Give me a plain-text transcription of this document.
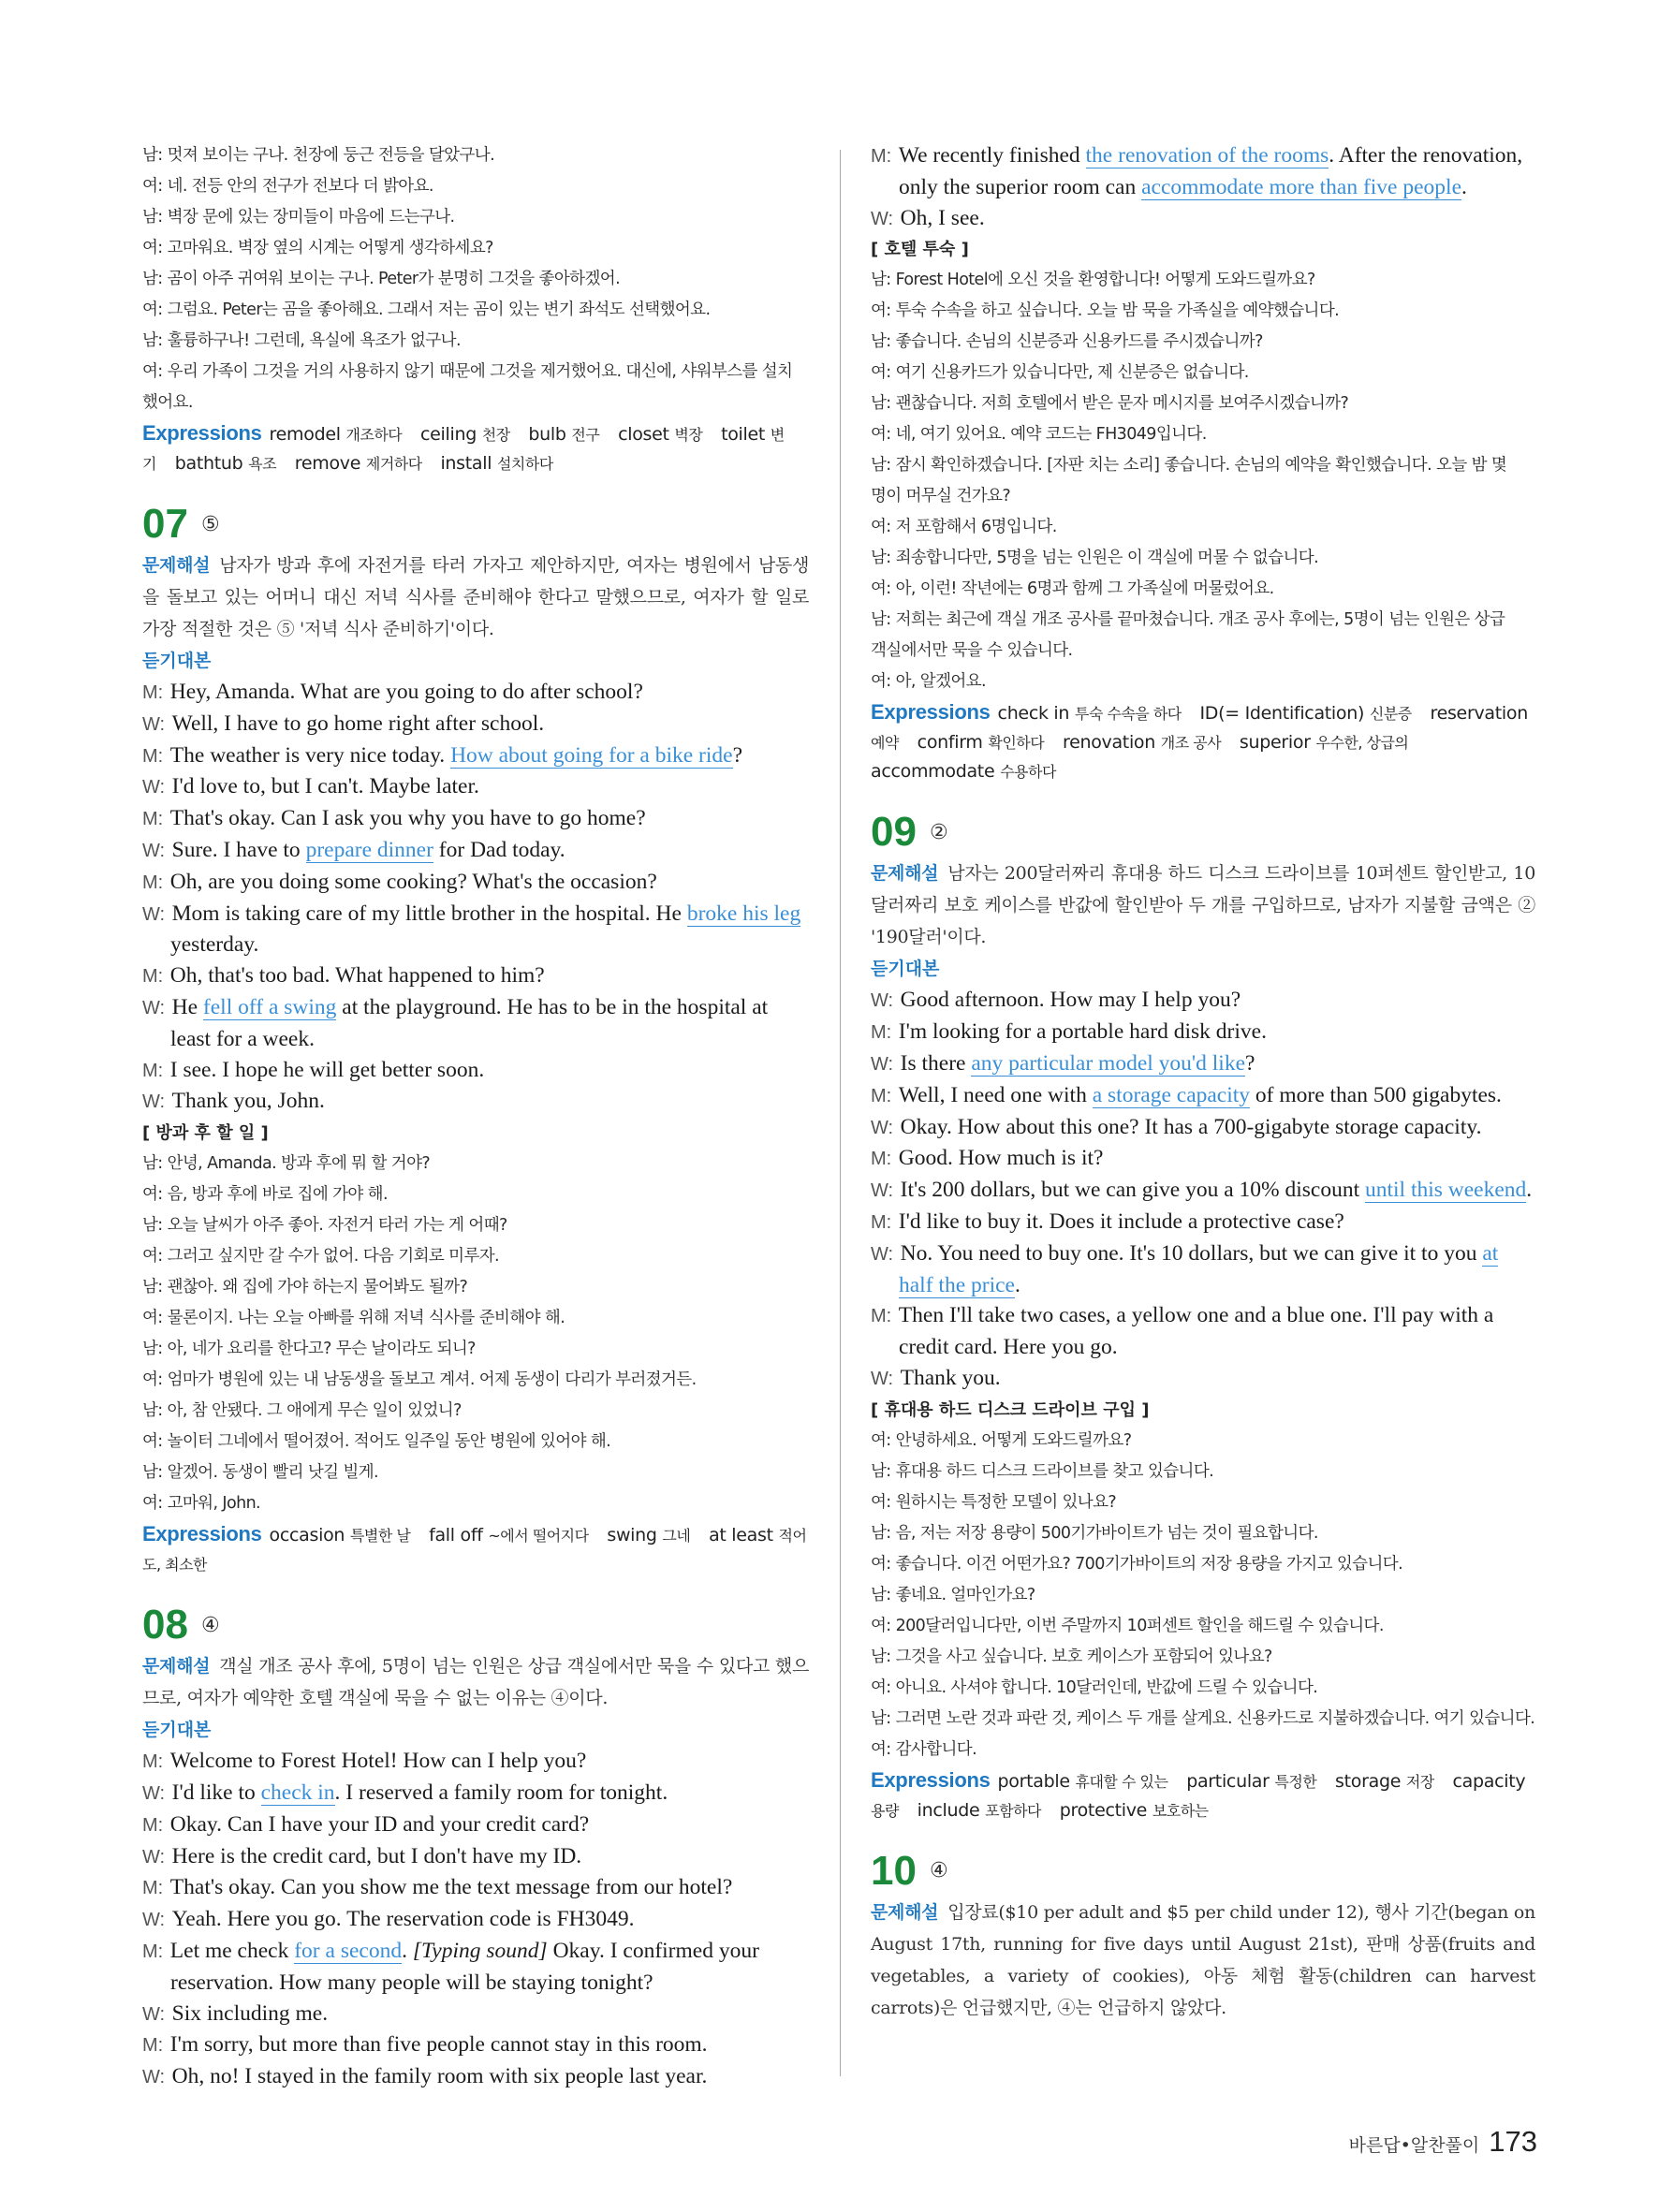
남: 멋져 보이는 구나. 천장에 둥근 전등을 달았구나.
여: 네. 전등 안의 전구가 전보다 더 밝아요.
남: 벽장 문에 있는 장미들이 마음에 드는구나.
여: 고마워요. 벽장 옆의 시계는 어떻게 생각하세요?
남: 곰이 아주 귀여워 보이는 구나. Peter가 분명히 그것을 좋아하겠어.
여: 그럼요. Peter는 곰을 좋아해요. 그래서 저는 곰이 있는 변기 좌석도 선택했어요.
남: 훌륭하구나! 그런데, 욕실에 욕조가 없구나.
여: 우리 가족이 그것을 거의 사용하지 않기 때문에 그것을 제거했어요. 대신에, 샤워부스를 설치
했어요.
Expressions remodel 개조하다 ceiling 천장 bulb 전구 closet 벽장 toilet 변기 bathtub 욕조 remove 제거하다 install 설치하다
07 ⑤
문제해설 남자가 방과 후에 자전거를 타러 가자고 제안하지만, 여자는 병원에서 남동생을 돌보고 있는 어머니 대신 저녁 식사를 준비해야 한다고 말했으므로, 여자가 할 일로 가장 적절한 것은 ⑤ '저녁 식사 준비하기'이다.
듣기대본
M: Hey, Amanda. What are you going to do after school?
W: Well, I have to go home right after school.
M: The weather is very nice today. How about going for a bike ride?
W: I'd love to, but I can't. Maybe later.
M: That's okay. Can I ask you why you have to go home?
W: Sure. I have to prepare dinner for Dad today.
M: Oh, are you doing some cooking? What's the occasion?
W: Mom is taking care of my little brother in the hospital. He broke his leg yesterday.
M: Oh, that's too bad. What happened to him?
W: He fell off a swing at the playground. He has to be in the hospital at least for a week.
M: I see. I hope he will get better soon.
W: Thank you, John.
[ 방과 후 할 일 ]
남: 안녕, Amanda. 방과 후에 뭐 할 거야?
여: 음, 방과 후에 바로 집에 가야 해.
남: 오늘 날씨가 아주 좋아. 자전거 타러 가는 게 어때?
여: 그러고 싶지만 갈 수가 없어. 다음 기회로 미루자.
남: 괜찮아. 왜 집에 가야 하는지 물어봐도 될까?
여: 물론이지. 나는 오늘 아빠를 위해 저녁 식사를 준비해야 해.
남: 아, 네가 요리를 한다고? 무슨 날이라도 되니?
여: 엄마가 병원에 있는 내 남동생을 돌보고 계셔. 어제 동생이 다리가 부러졌거든.
남: 아, 참 안됐다. 그 애에게 무슨 일이 있었니?
여: 놀이터 그네에서 떨어졌어. 적어도 일주일 동안 병원에 있어야 해.
남: 알겠어. 동생이 빨리 낫길 빌게.
여: 고마워, John.
Expressions occasion 특별한 날 fall off ~에서 떨어지다 swing 그네 at least 적어도, 최소한
08 ④
문제해설 객실 개조 공사 후에, 5명이 넘는 인원은 상급 객실에서만 묵을 수 있다고 했으므로, 여자가 예약한 호텔 객실에 묵을 수 없는 이유는 ④이다.
듣기대본
M: Welcome to Forest Hotel! How can I help you?
W: I'd like to check in. I reserved a family room for tonight.
M: Okay. Can I have your ID and your credit card?
W: Here is the credit card, but I don't have my ID.
M: That's okay. Can you show me the text message from our hotel?
W: Yeah. Here you go. The reservation code is FH3049.
M: Let me check for a second. [Typing sound] Okay. I confirmed your reservation. How many people will be staying tonight?
W: Six including me.
M: I'm sorry, but more than five people cannot stay in this room.
W: Oh, no! I stayed in the family room with six people last year.
M: We recently finished the renovation of the rooms. After the renovation, only the superior room can accommodate more than five people.
W: Oh, I see.
[ 호텔 투숙 ]
남: Forest Hotel에 오신 것을 환영합니다! 어떻게 도와드릴까요?
여: 투숙 수속을 하고 싶습니다. 오늘 밤 묵을 가족실을 예약했습니다.
남: 좋습니다. 손님의 신분증과 신용카드를 주시겠습니까?
여: 여기 신용카드가 있습니다만, 제 신분증은 없습니다.
남: 괜찮습니다. 저희 호텔에서 받은 문자 메시지를 보여주시겠습니까?
여: 네, 여기 있어요. 예약 코드는 FH3049입니다.
남: 잠시 확인하겠습니다. [자판 치는 소리] 좋습니다. 손님의 예약을 확인했습니다. 오늘 밤 몇
명이 머무실 건가요?
여: 저 포함해서 6명입니다.
남: 죄송합니다만, 5명을 넘는 인원은 이 객실에 머물 수 없습니다.
여: 아, 이런! 작년에는 6명과 함께 그 가족실에 머물렀어요.
남: 저희는 최근에 객실 개조 공사를 끝마쳤습니다. 개조 공사 후에는, 5명이 넘는 인원은 상급
객실에서만 묵을 수 있습니다.
여: 아, 알겠어요.
Expressions check in 투숙 수속을 하다 ID(= Identification) 신분증 reservation 예약 confirm 확인하다 renovation 개조 공사 superior 우수한, 상급의 accommodate 수용하다
09 ②
문제해설 남자는 200달러짜리 휴대용 하드 디스크 드라이브를 10퍼센트 할인받고, 10달러짜리 보호 케이스를 반값에 할인받아 두 개를 구입하므로, 남자가 지불할 금액은 ② '190달러'이다.
듣기대본
W: Good afternoon. How may I help you?
M: I'm looking for a portable hard disk drive.
W: Is there any particular model you'd like?
M: Well, I need one with a storage capacity of more than 500 gigabytes.
W: Okay. How about this one? It has a 700-gigabyte storage capacity.
M: Good. How much is it?
W: It's 200 dollars, but we can give you a 10% discount until this weekend.
M: I'd like to buy it. Does it include a protective case?
W: No. You need to buy one. It's 10 dollars, but we can give it to you at half the price.
M: Then I'll take two cases, a yellow one and a blue one. I'll pay with a credit card. Here you go.
W: Thank you.
[ 휴대용 하드 디스크 드라이브 구입 ]
여: 안녕하세요. 어떻게 도와드릴까요?
남: 휴대용 하드 디스크 드라이브를 찾고 있습니다.
여: 원하시는 특정한 모델이 있나요?
남: 음, 저는 저장 용량이 500기가바이트가 넘는 것이 필요합니다.
여: 좋습니다. 이건 어떤가요? 700기가바이트의 저장 용량을 가지고 있습니다.
남: 좋네요. 얼마인가요?
여: 200달러입니다만, 이번 주말까지 10퍼센트 할인을 해드릴 수 있습니다.
남: 그것을 사고 싶습니다. 보호 케이스가 포함되어 있나요?
여: 아니요. 사셔야 합니다. 10달러인데, 반값에 드릴 수 있습니다.
남: 그러면 노란 것과 파란 것, 케이스 두 개를 살게요. 신용카드로 지불하겠습니다. 여기 있습니다.
여: 감사합니다.
Expressions portable 휴대할 수 있는 particular 특정한 storage 저장 capacity 용량 include 포함하다 protective 보호하는
10 ④
문제해설 입장료($10 per adult and $5 per child under 12), 행사 기간(began on August 17th, running for five days until August 21st), 판매 상품(fruits and vegetables, a variety of cookies), 아동 체험 활동(children can harvest carrots)은 언급했지만, ④는 언급하지 않았다.
바른답•알찬풀이 173
